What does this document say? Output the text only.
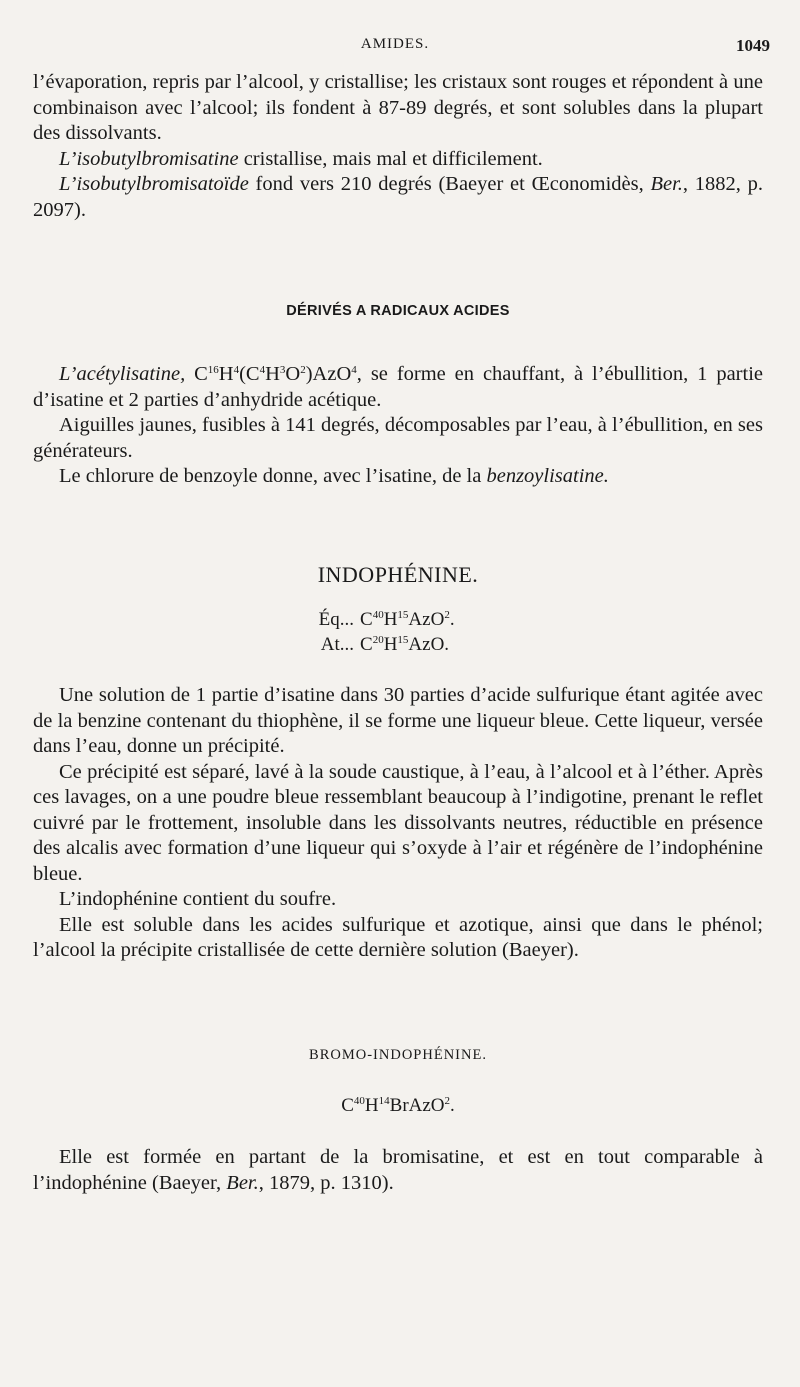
AMIDES.	1049

l’évaporation, repris par l’alcool, y cristallise; les cristaux sont rouges et répondent à une combinaison avec l’alcool; ils fondent à 87-89 degrés, et sont solubles dans la plupart des dissolvants.

L’isobutylbromisatine cristallise, mais mal et difficilement.

L’isobutylbromisatoïde fond vers 210 degrés (Baeyer et Œconomidès, Ber., 1882, p. 2097).

DÉRIVÉS A RADICAUX ACIDES

L’acétylisatine, $C^{16}H^4(C^4H^3O^2)AzO^4$, se forme en chauffant, à l’ébullition, 1 partie d’isatine et 2 parties d’anhydride acétique.

Aiguilles jaunes, fusibles à 141 degrés, décomposables par l’eau, à l’ébullition, en ses générateurs.

Le chlorure de benzoyle donne, avec l’isatine, de la benzoylisatine.

INDOPHÉNINE.
Éq... $C^{40}H^{15}AzO^2$.
At... $C^{20}H^{15}AzO$.

Une solution de 1 partie d’isatine dans 30 parties d’acide sulfurique étant agitée avec de la benzine contenant du thiophène, il se forme une liqueur bleue. Cette liqueur, versée dans l’eau, donne un précipité.

Ce précipité est séparé, lavé à la soude caustique, à l’eau, à l’alcool et à l’éther. Après ces lavages, on a une poudre bleue ressemblant beaucoup à l’indigotine, prenant le reflet cuivré par le frottement, insoluble dans les dissolvants neutres, réductible en présence des alcalis avec formation d’une liqueur qui s’oxyde à l’air et régénère de l’indophénine bleue.

L’indophénine contient du soufre.

Elle est soluble dans les acides sulfurique et azotique, ainsi que dans le phénol; l’alcool la précipite cristallisée de cette dernière solution (Baeyer).

BROMO-INDOPHÉNINE.
$C^{40}H^{14}BrAzO^2$.

Elle est formée en partant de la bromisatine, et est en tout comparable à l’indophénine (Baeyer, Ber., 1879, p. 1310).
